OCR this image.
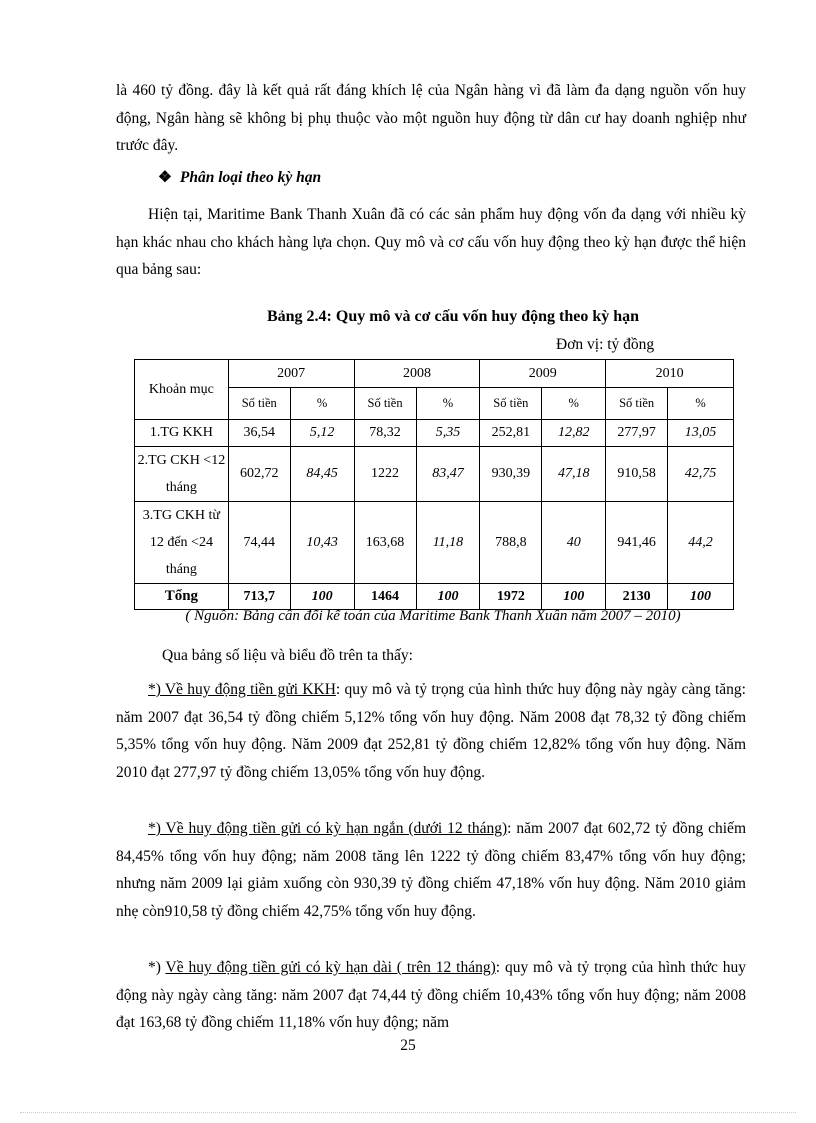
là 460 tỷ đồng. đây là kết quả rất đáng khích lệ của Ngân hàng vì đã làm đa dạng nguồn vốn huy động, Ngân hàng sẽ không bị phụ thuộc vào một nguồn huy động từ dân cư hay doanh nghiệp như trước đây.
❖ Phân loại theo kỳ hạn
Hiện tại, Maritime Bank Thanh Xuân đã có các sản phẩm huy động vốn đa dạng với nhiều kỳ hạn khác nhau cho khách hàng lựa chọn. Quy mô và cơ cấu vốn huy động theo kỳ hạn được thể hiện qua bảng sau:
Bảng 2.4: Quy mô và cơ cấu vốn huy động theo kỳ hạn
Đơn vị: tỷ đồng
Khoản mục	2007		2008		2009		2010	
	Số tiền	%	Số tiền	%	Số tiền	%	Số tiền	%
1.TG KKH	36,54	5,12	78,32	5,35	252,81	12,82	277,97	13,05
2.TG CKH <12 tháng	602,72	84,45	1222	83,47	930,39	47,18	910,58	42,75
3.TG CKH từ 12 đến <24 tháng	74,44	10,43	163,68	11,18	788,8	40	941,46	44,2
Tổng	713,7	100	1464	100	1972	100	2130	100
( Nguồn: Bảng cân đối kế toán của Maritime Bank Thanh Xuân năm 2007 – 2010)
Qua bảng số liệu và biểu đồ trên ta thấy:
*) Về huy động tiền gửi KKH: quy mô và tỷ trọng của hình thức huy động này ngày càng tăng: năm 2007 đạt 36,54 tỷ đồng chiếm 5,12% tổng vốn huy động. Năm 2008 đạt 78,32 tỷ đồng chiếm 5,35% tổng vốn huy động. Năm 2009 đạt 252,81 tỷ đồng chiếm 12,82% tổng vốn huy động. Năm 2010 đạt 277,97 tỷ đồng chiếm 13,05% tổng vốn huy động.
*) Về huy động tiền gửi có kỳ hạn ngắn (dưới 12 tháng): năm 2007 đạt 602,72 tỷ đồng chiếm 84,45% tổng vốn huy động; năm 2008 tăng lên 1222 tỷ đồng chiếm 83,47% tổng vốn huy động; nhưng năm 2009 lại giảm xuống còn 930,39 tỷ đồng chiếm 47,18% vốn huy động. Năm 2010 giảm nhẹ còn910,58 tỷ đồng chiếm 42,75% tổng vốn huy động.
*) Về huy động tiền gửi có kỳ hạn dài ( trên 12 tháng): quy mô và tỷ trọng của hình thức huy động này ngày càng tăng: năm 2007 đạt 74,44 tỷ đồng chiếm 10,43% tổng vốn huy động; năm 2008 đạt 163,68 tỷ đồng chiếm 11,18% vốn huy động; năm
25
